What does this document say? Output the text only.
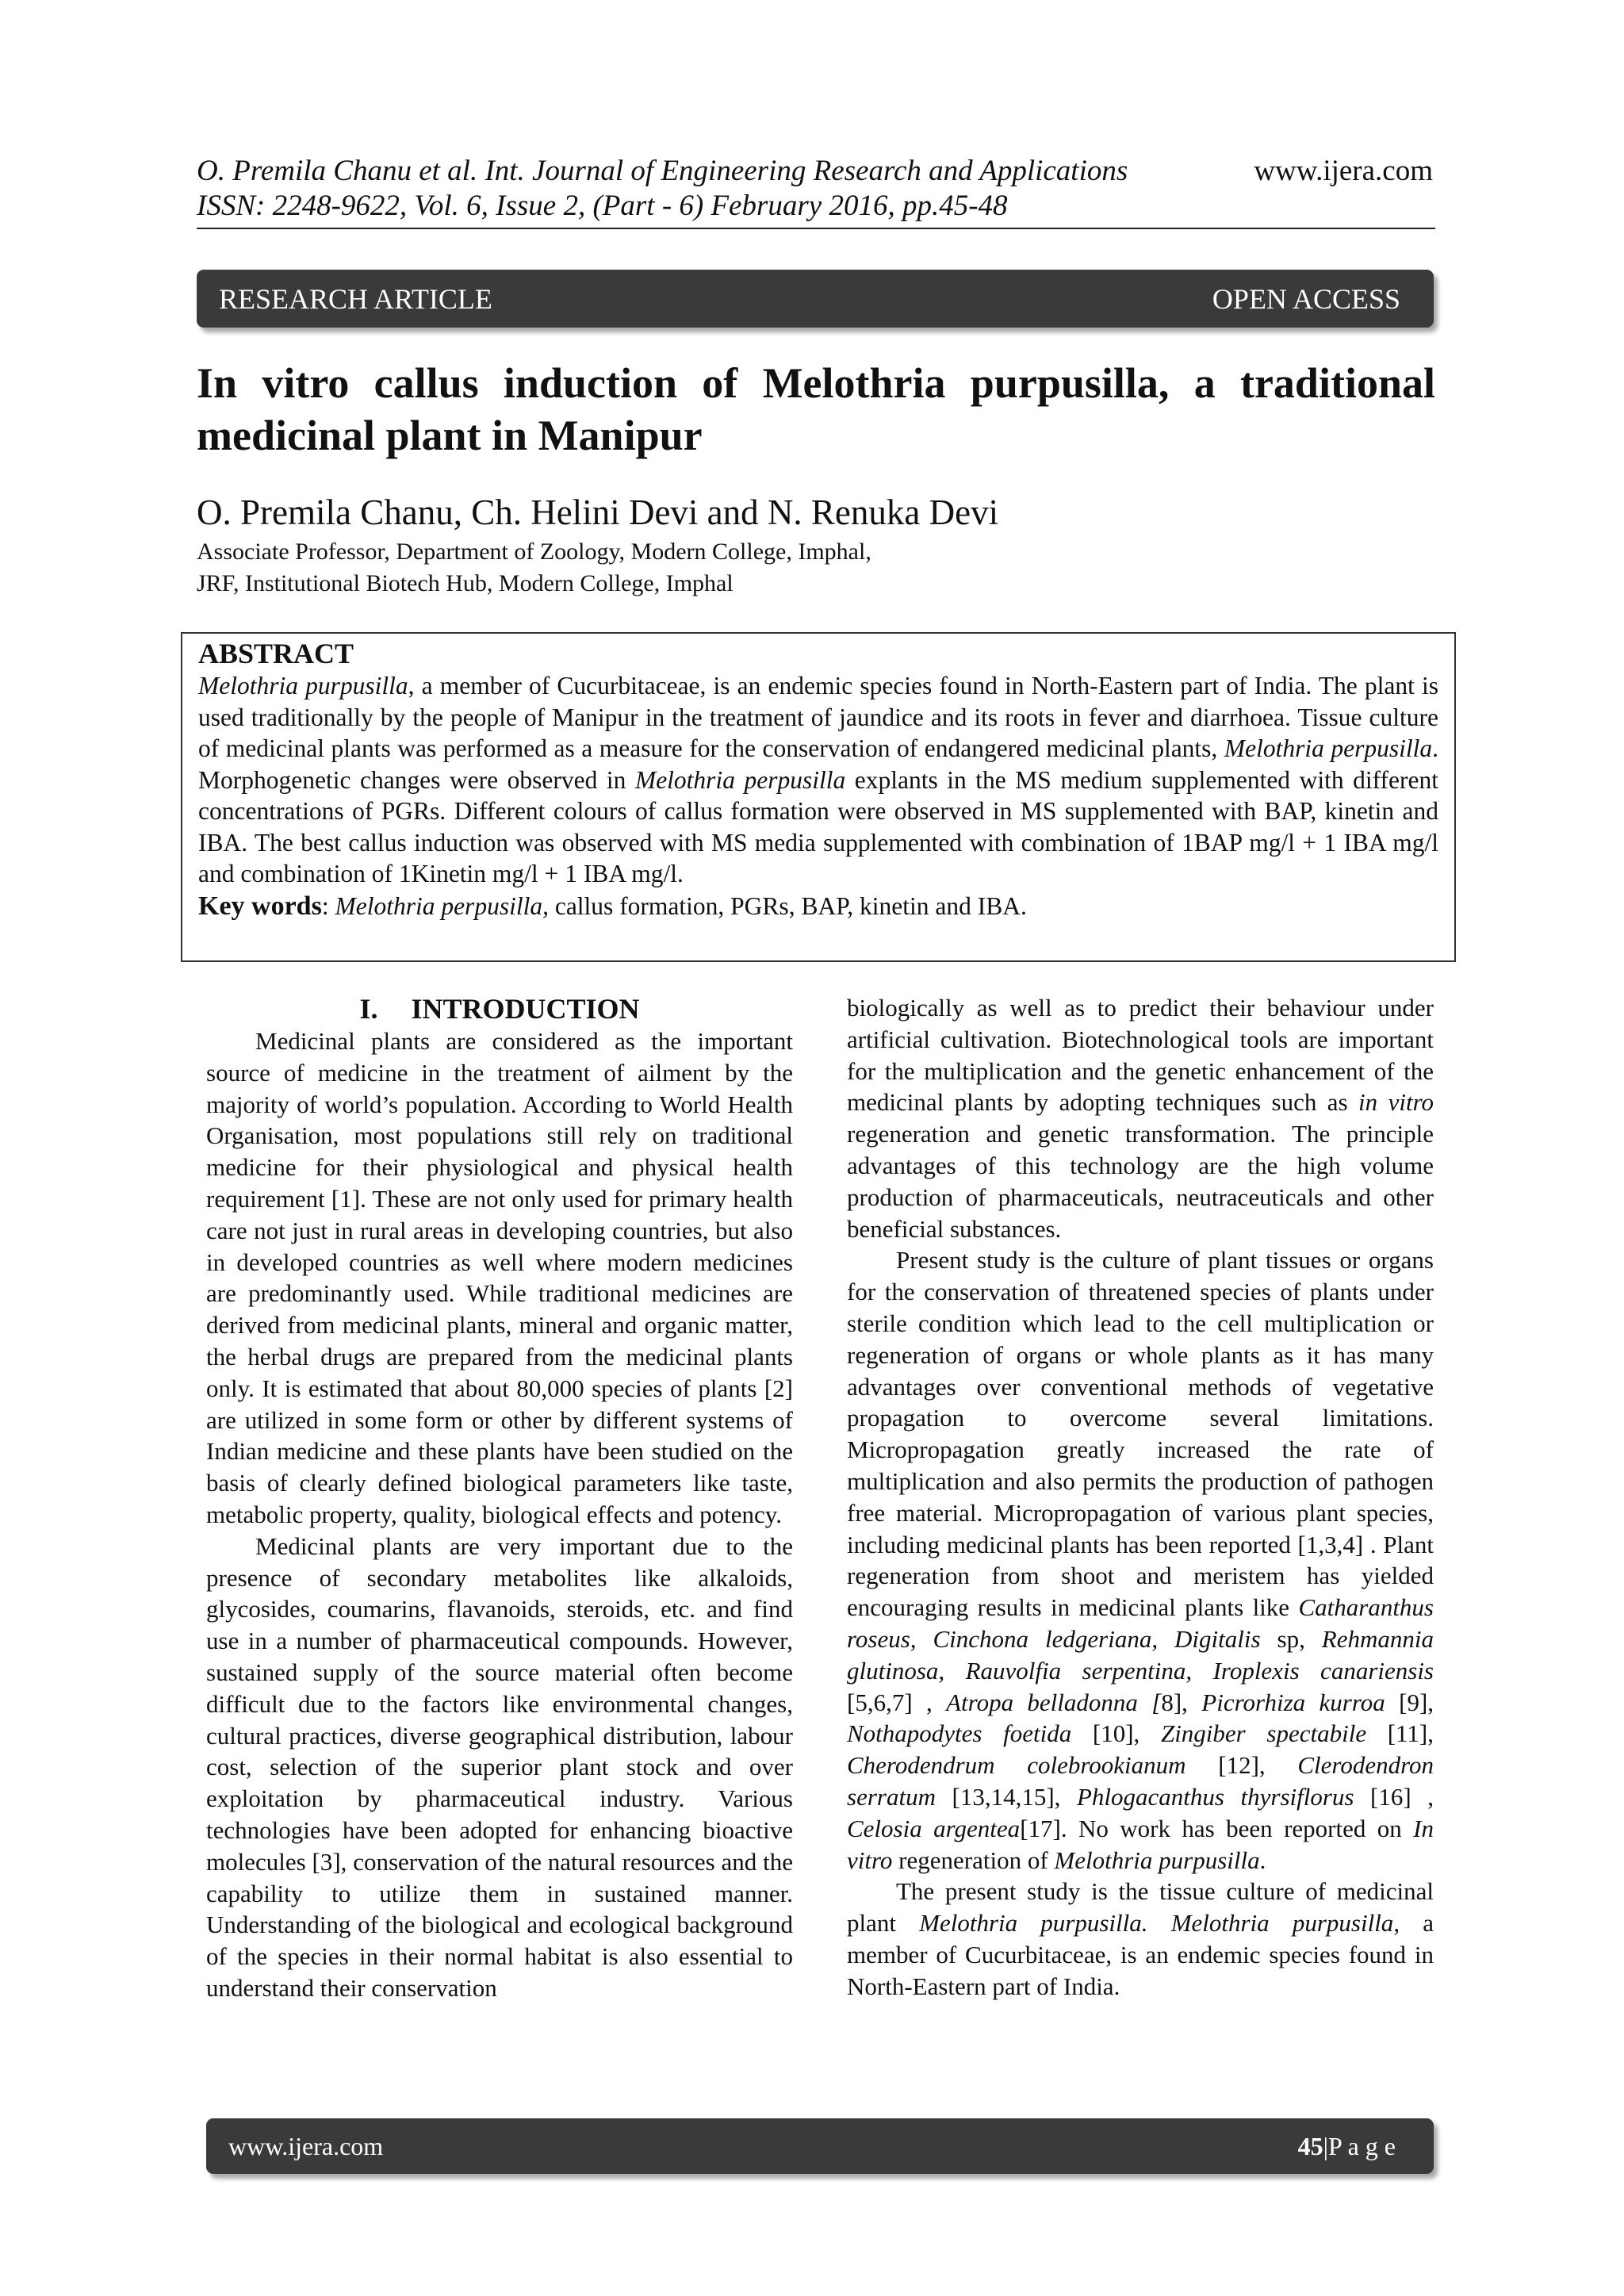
O. Premila Chanu et al. Int. Journal of Engineering Research and Applications
ISSN: 2248-9622, Vol. 6, Issue 2, (Part - 6) February 2016, pp.45-48
www.ijera.com
RESEARCH ARTICLE	OPEN ACCESS
In vitro callus induction of Melothria purpusilla, a traditional medicinal plant in Manipur
O. Premila Chanu, Ch. Helini Devi and N. Renuka Devi
Associate Professor, Department of Zoology, Modern College, Imphal,
JRF, Institutional Biotech Hub, Modern College, Imphal
ABSTRACT

Melothria purpusilla, a member of Cucurbitaceae, is an endemic species found in North-Eastern part of India. The plant is used traditionally by the people of Manipur in the treatment of jaundice and its roots in fever and diarrhoea. Tissue culture of medicinal plants was performed as a measure for the conservation of endangered medicinal plants, Melothria perpusilla. Morphogenetic changes were observed in Melothria perpusilla explants in the MS medium supplemented with different concentrations of PGRs. Different colours of callus formation were observed in MS supplemented with BAP, kinetin and IBA. The best callus induction was observed with MS media supplemented with combination of 1BAP mg/l + 1 IBA mg/l and combination of 1Kinetin mg/l + 1 IBA mg/l.

Key words: Melothria perpusilla, callus formation, PGRs, BAP, kinetin and IBA.
I. INTRODUCTION

Medicinal plants are considered as the important source of medicine in the treatment of ailment by the majority of world’s population. According to World Health Organisation, most populations still rely on traditional medicine for their physiological and physical health requirement [1]. These are not only used for primary health care not just in rural areas in developing countries, but also in developed countries as well where modern medicines are predominantly used. While traditional medicines are derived from medicinal plants, mineral and organic matter, the herbal drugs are prepared from the medicinal plants only. It is estimated that about 80,000 species of plants [2] are utilized in some form or other by different systems of Indian medicine and these plants have been studied on the basis of clearly defined biological parameters like taste, metabolic property, quality, biological effects and potency.

Medicinal plants are very important due to the presence of secondary metabolites like alkaloids, glycosides, coumarins, flavanoids, steroids, etc. and find use in a number of pharmaceutical compounds. However, sustained supply of the source material often become difficult due to the factors like environmental changes, cultural practices, diverse geographical distribution, labour cost, selection of the superior plant stock and over exploitation by pharmaceutical industry. Various technologies have been adopted for enhancing bioactive molecules [3], conservation of the natural resources and the capability to utilize them in sustained manner. Understanding of the biological and ecological background of the species in their normal habitat is also essential to understand their conservation

biologically as well as to predict their behaviour under artificial cultivation. Biotechnological tools are important for the multiplication and the genetic enhancement of the medicinal plants by adopting techniques such as in vitro regeneration and genetic transformation. The principle advantages of this technology are the high volume production of pharmaceuticals, neutraceuticals and other beneficial substances.

Present study is the culture of plant tissues or organs for the conservation of threatened species of plants under sterile condition which lead to the cell multiplication or regeneration of organs or whole plants as it has many advantages over conventional methods of vegetative propagation to overcome several limitations. Micropropagation greatly increased the rate of multiplication and also permits the production of pathogen free material. Micropropagation of various plant species, including medicinal plants has been reported [1,3,4] . Plant regeneration from shoot and meristem has yielded encouraging results in medicinal plants like Catharanthus roseus, Cinchona ledgeriana, Digitalis sp, Rehmannia glutinosa, Rauvolfia serpentina, Iroplexis canariensis [5,6,7] , Atropa belladonna [8], Picrorhiza kurroa [9], Nothapodytes foetida [10], Zingiber spectabile [11], Cherodendrum colebrookianum [12], Clerodendron serratum [13,14,15], Phlogacanthus thyrsiflorus [16] , Celosia argentea[17]. No work has been reported on In vitro regeneration of Melothria purpusilla.

The present study is the tissue culture of medicinal plant Melothria purpusilla. Melothria purpusilla, a member of Cucurbitaceae, is an endemic species found in North-Eastern part of India.

www.ijera.com	45|P a g e
